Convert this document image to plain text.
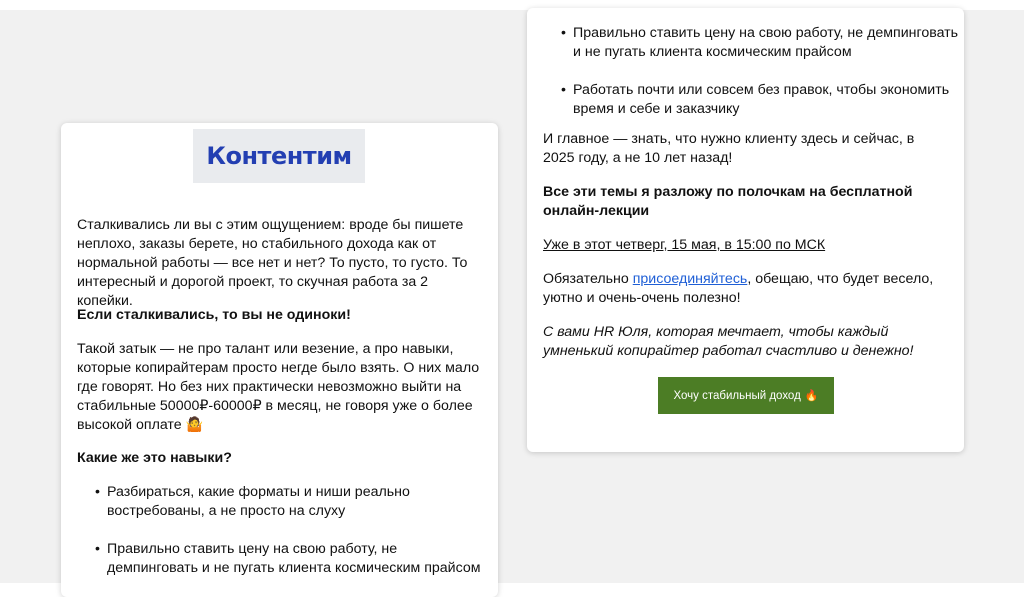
Контентим

Сталкивались ли вы с этим ощущением: вроде бы пишете неплохо, заказы берете, но стабильного дохода как от нормальной работы — все нет и нет? То пусто, то густо. То интересный и дорогой проект, то скучная работа за 2 копейки.

Если сталкивались, то вы не одиноки!

Такой затык — не про талант или везение, а про навыки, которые копирайтерам просто негде было взять. О них мало где говорят. Но без них практически невозможно выйти на стабильные 50000₽-60000₽ в месяц, не говоря уже о более высокой оплате 🤷

Какие же это навыки?

• Разбираться, какие форматы и ниши реально востребованы, а не просто на слуху
• Правильно ставить цену на свою работу, не демпинговать и не пугать клиента космическим прайсом
• Правильно ставить цену на свою работу, не демпинговать и не пугать клиента космическим прайсом
• Работать почти или совсем без правок, чтобы экономить время и себе и заказчику

И главное — знать, что нужно клиенту здесь и сейчас, в 2025 году, а не 10 лет назад!

Все эти темы я разложу по полочкам на бесплатной онлайн-лекции

Уже в этот четверг, 15 мая, в 15:00 по МСК

Обязательно присоединяйтесь, обещаю, что будет весело, уютно и очень-очень полезно!

С вами HR Юля, которая мечтает, чтобы каждый умненький копирайтер работал счастливо и денежно!

Хочу стабильный доход 🔥
